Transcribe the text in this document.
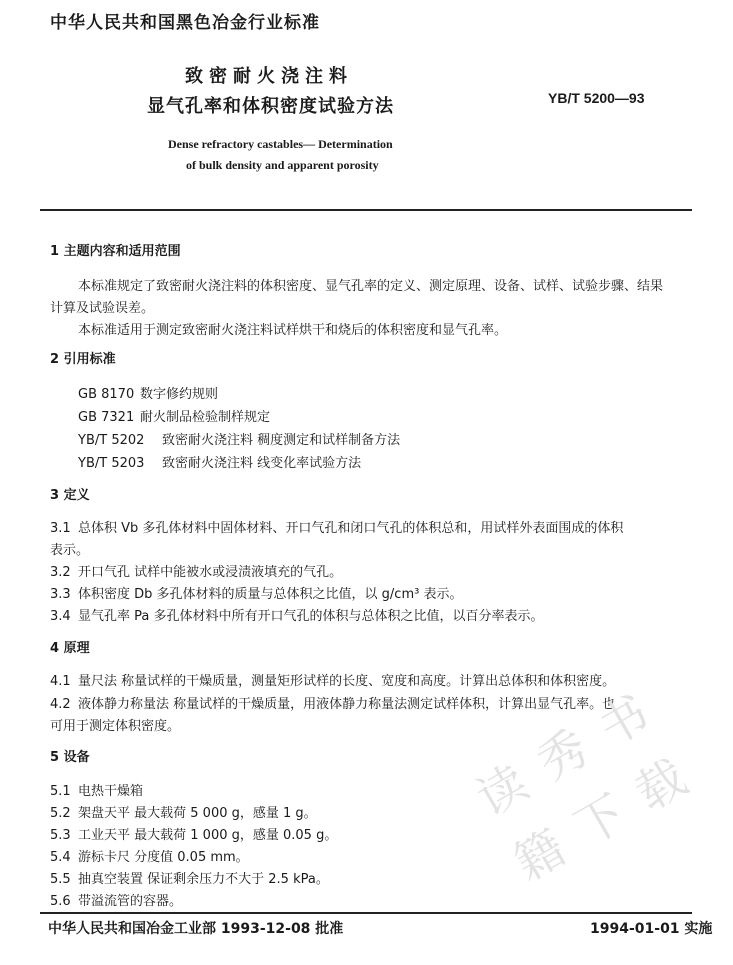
中华人民共和国黑色冶金行业标准
致密耐火浇注料
显气孔率和体积密度试验方法	YB/T 5200—93
Dense refractory castables— Determination
of bulk density and apparent porosity
1 主题内容和适用范围
本标准规定了致密耐火浇注料的体积密度、显气孔率的定义、测定原理、设备、试样、试验步骤、结果
计算及试验误差。
本标准适用于测定致密耐火浇注料试样烘干和烧后的体积密度和显气孔率。
2 引用标准
GB 8170 数字修约规则
GB 7321 耐火制品检验制样规定
YB/T 5202 致密耐火浇注料 稠度测定和试样制备方法
YB/T 5203 致密耐火浇注料 线变化率试验方法
3 定义
3.1 总体积 Vb 多孔体材料中固体材料、开口气孔和闭口气孔的体积总和，用试样外表面围成的体积
表示。
3.2 开口气孔 试样中能被水或浸渍液填充的气孔。
3.3 体积密度 Db 多孔体材料的质量与总体积之比值，以 g/cm³ 表示。
3.4 显气孔率 Pa 多孔体材料中所有开口气孔的体积与总体积之比值，以百分率表示。
4 原理
4.1 量尺法 称量试样的干燥质量，测量矩形试样的长度、宽度和高度。计算出总体积和体积密度。
4.2 液体静力称量法 称量试样的干燥质量，用液体静力称量法测定试样体积，计算出显气孔率。也
可用于测定体积密度。
5 设备
5.1 电热干燥箱
5.2 架盘天平 最大载荷 5 000 g，感量 1 g。
5.3 工业天平 最大载荷 1 000 g，感量 0.05 g。
5.4 游标卡尺 分度值 0.05 mm。
5.5 抽真空装置 保证剩余压力不大于 2.5 kPa。
5.6 带溢流管的容器。
读
秀
书
籍
下
载
中华人民共和国冶金工业部 1993-12-08 批准	1994-01-01 实施
